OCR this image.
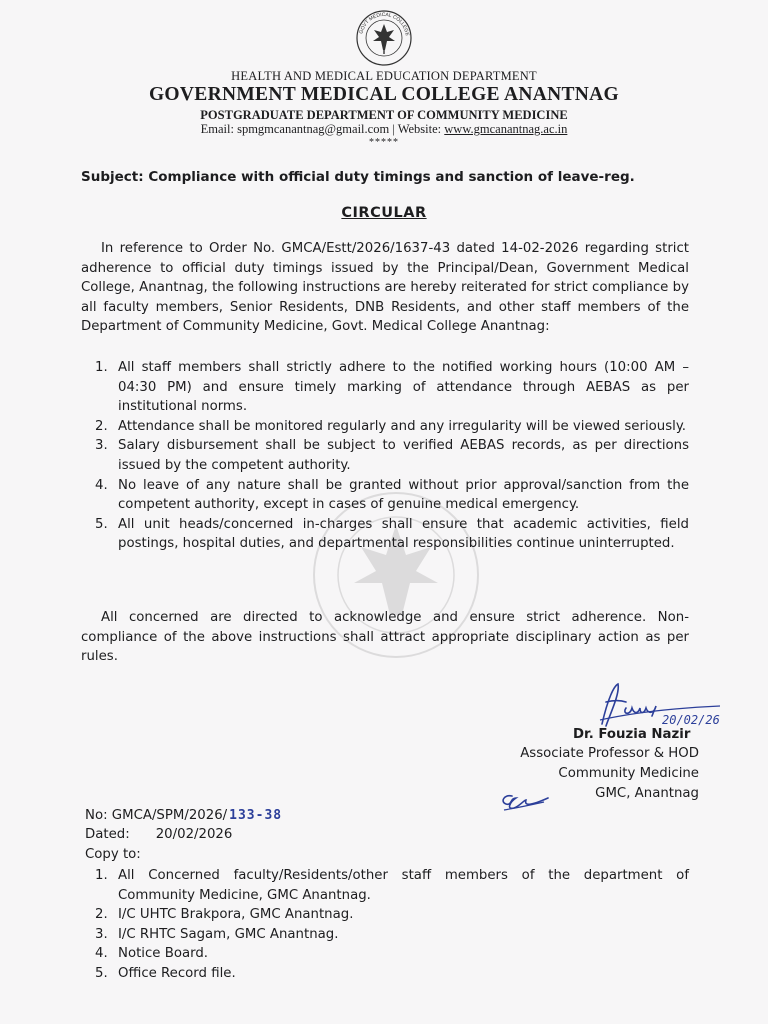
GOVT MEDICAL COLLEGE
HEALTH AND MEDICAL EDUCATION DEPARTMENT
GOVERNMENT MEDICAL COLLEGE ANANTNAG
POSTGRADUATE DEPARTMENT OF COMMUNITY MEDICINE
Email: spmgmcanantnag@gmail.com | Website: www.gmcanantnag.ac.in
*****
Subject: Compliance with official duty timings and sanction of leave-reg.
CIRCULAR
In reference to Order No. GMCA/Estt/2026/1637-43 dated 14-02-2026 regarding strict adherence to official duty timings issued by the Principal/Dean, Government Medical College, Anantnag, the following instructions are hereby reiterated for strict compliance by all faculty members, Senior Residents, DNB Residents, and other staff members of the Department of Community Medicine, Govt. Medical College Anantnag:
1. All staff members shall strictly adhere to the notified working hours (10:00 AM – 04:30 PM) and ensure timely marking of attendance through AEBAS as per institutional norms.
2. Attendance shall be monitored regularly and any irregularity will be viewed seriously.
3. Salary disbursement shall be subject to verified AEBAS records, as per directions issued by the competent authority.
4. No leave of any nature shall be granted without prior approval/sanction from the competent authority, except in cases of genuine medical emergency.
5. All unit heads/concerned in-charges shall ensure that academic activities, field postings, hospital duties, and departmental responsibilities continue uninterrupted.
All concerned are directed to acknowledge and ensure strict adherence. Non-compliance of the above instructions shall attract appropriate disciplinary action as per rules.
20/02/26
Dr. Fouzia Nazir
Associate Professor & HOD
Community Medicine
GMC, Anantnag
No: GMCA/SPM/2026/ 133-38
Dated: 20/02/2026
Copy to:
1. All Concerned faculty/Residents/other staff members of the department of Community Medicine, GMC Anantnag.
2. I/C UHTC Brakpora, GMC Anantnag.
3. I/C RHTC Sagam, GMC Anantnag.
4. Notice Board.
5. Office Record file.
